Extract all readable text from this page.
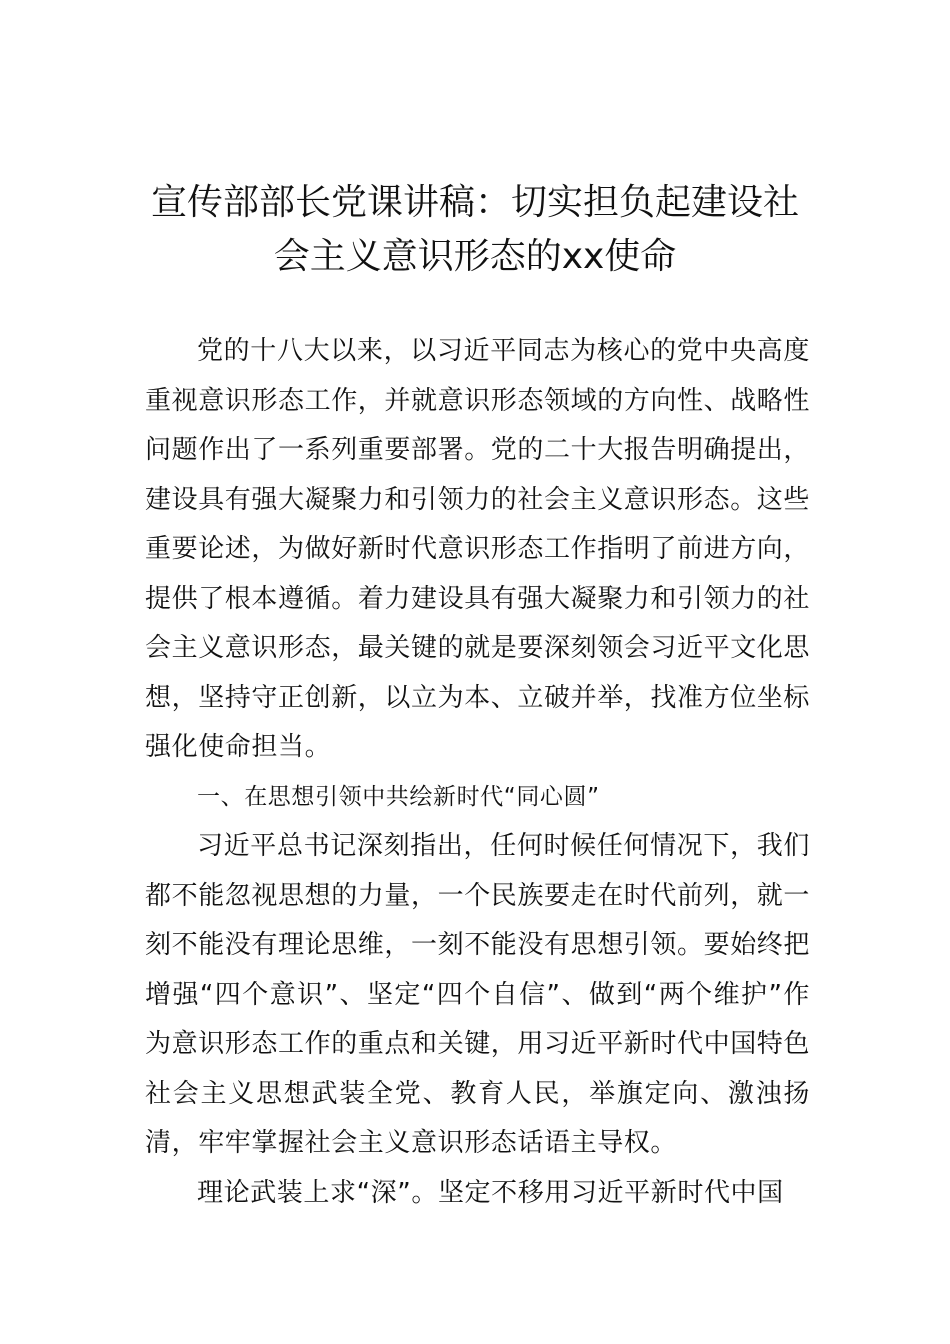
宣传部部长党课讲稿：切实担负起建设社
会主义意识形态的xx使命

党的十八大以来，以习近平同志为核心的党中央高度重视意识形态工作，并就意识形态领域的方向性、战略性问题作出了一系列重要部署。党的二十大报告明确提出，建设具有强大凝聚力和引领力的社会主义意识形态。这些重要论述，为做好新时代意识形态工作指明了前进方向，提供了根本遵循。着力建设具有强大凝聚力和引领力的社会主义意识形态，最关键的就是要深刻领会习近平文化思想，坚持守正创新，以立为本、立破并举，找准方位坐标强化使命担当。

一、在思想引领中共绘新时代“同心圆”

习近平总书记深刻指出，任何时候任何情况下，我们都不能忽视思想的力量，一个民族要走在时代前列，就一刻不能没有理论思维，一刻不能没有思想引领。要始终把增强“四个意识”、坚定“四个自信”、做到“两个维护”作为意识形态工作的重点和关键，用习近平新时代中国特色社会主义思想武装全党、教育人民，举旗定向、激浊扬清，牢牢掌握社会主义意识形态话语主导权。

理论武装上求“深”。坚定不移用习近平新时代中国
